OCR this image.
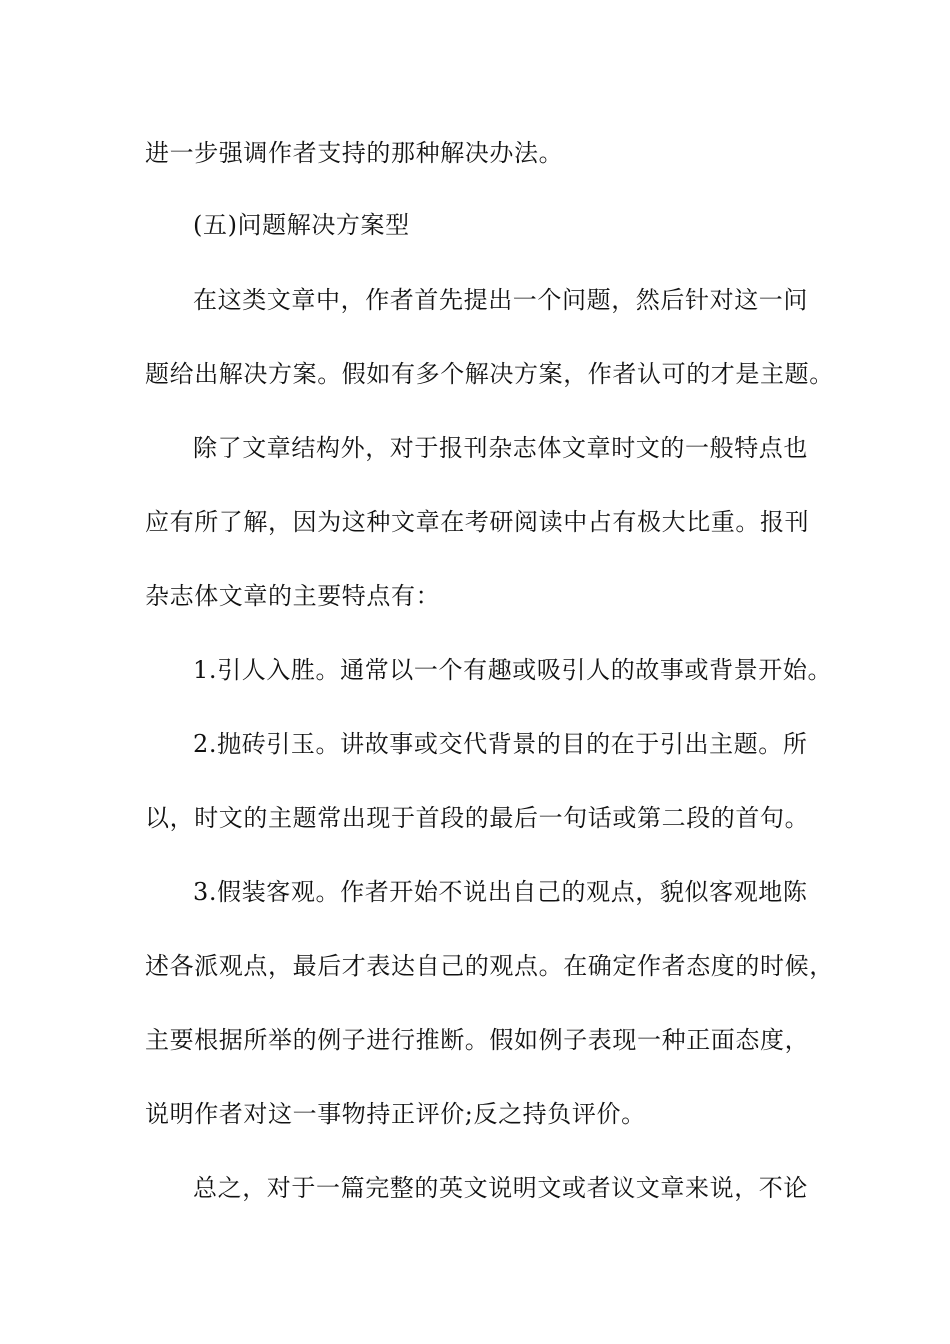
进一步强调作者支持的那种解决办法。
(五)问题解决方案型
在这类文章中，作者首先提出一个问题，然后针对这一问
题给出解决方案。假如有多个解决方案，作者认可的才是主题。
除了文章结构外，对于报刊杂志体文章时文的一般特点也
应有所了解，因为这种文章在考研阅读中占有极大比重。报刊
杂志体文章的主要特点有：
1.引人入胜。通常以一个有趣或吸引人的故事或背景开始。
2.抛砖引玉。讲故事或交代背景的目的在于引出主题。所
以，时文的主题常出现于首段的最后一句话或第二段的首句。
3.假装客观。作者开始不说出自己的观点，貌似客观地陈
述各派观点，最后才表达自己的观点。在确定作者态度的时候，
主要根据所举的例子进行推断。假如例子表现一种正面态度，
说明作者对这一事物持正评价;反之持负评价。
总之，对于一篇完整的英文说明文或者议文章来说，不论
